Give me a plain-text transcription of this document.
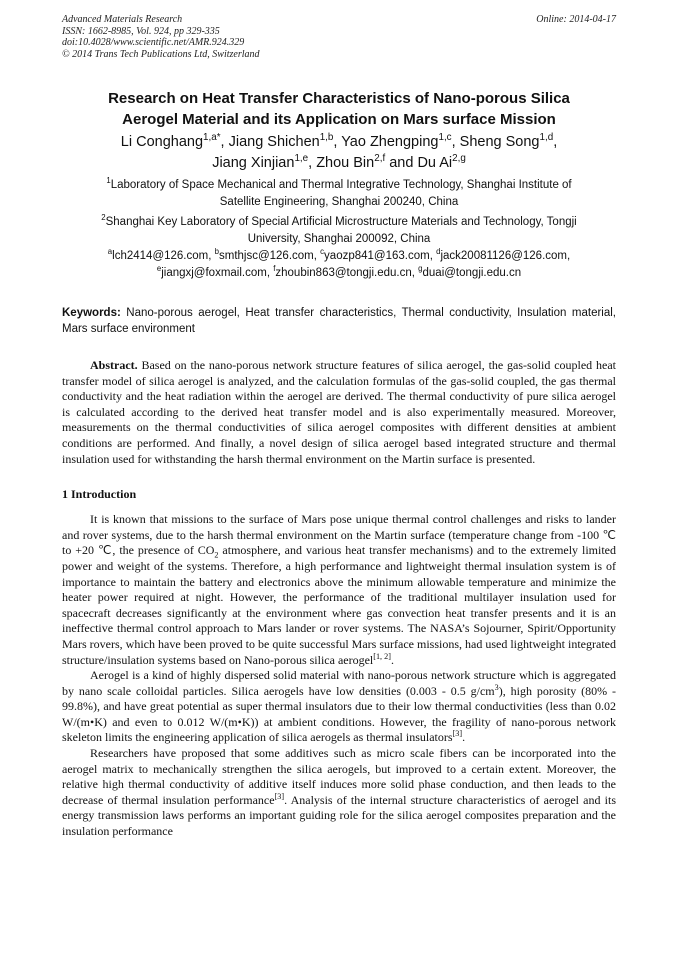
Advanced Materials Research
ISSN: 1662-8985, Vol. 924, pp 329-335
doi:10.4028/www.scientific.net/AMR.924.329
© 2014 Trans Tech Publications Ltd, Switzerland
Online: 2014-04-17
Research on Heat Transfer Characteristics of Nano-porous Silica
Aerogel Material and its Application on Mars surface Mission
Li Conghang$^{1,a*}$, Jiang Shichen$^{1,b}$, Yao Zhengping$^{1,c}$, Sheng Song$^{1,d}$,
Jiang Xinjian$^{1,e}$, Zhou Bin$^{2,f}$ and Du Ai$^{2,g}$
$^1$Laboratory of Space Mechanical and Thermal Integrative Technology, Shanghai Institute of
Satellite Engineering, Shanghai 200240, China
$^2$Shanghai Key Laboratory of Special Artificial Microstructure Materials and Technology, Tongji
University, Shanghai 200092, China
$^a$lch2414@126.com, $^b$smthjsc@126.com, $^c$yaozp841@163.com, $^d$jack20081126@126.com,
$^e$jiangxj@foxmail.com, $^f$zhoubin863@tongji.edu.cn, $^g$duai@tongji.edu.cn
Keywords: Nano-porous aerogel, Heat transfer characteristics, Thermal conductivity, Insulation material, Mars surface environment
Abstract. Based on the nano-porous network structure features of silica aerogel, the gas-solid coupled heat transfer model of silica aerogel is analyzed, and the calculation formulas of the gas-solid coupled, the gas thermal conductivity and the heat radiation within the aerogel are derived. The thermal conductivity of pure silica aerogel is calculated according to the derived heat transfer model and is also experimentally measured. Moreover, measurements on the thermal conductivities of silica aerogel composites with different densities at ambient conditions are performed. And finally, a novel design of silica aerogel based integrated structure and thermal insulation used for withstanding the harsh thermal environment on the Martin surface is presented.
1 Introduction

It is known that missions to the surface of Mars pose unique thermal control challenges and risks to lander and rover systems, due to the harsh thermal environment on the Martin surface (temperature change from -100 ℃ to +20 ℃, the presence of $CO_2$ atmosphere, and various heat transfer mechanisms) and to the extremely limited power and weight of the systems. Therefore, a high performance and lightweight thermal insulation system is of importance to maintain the battery and electronics above the minimum allowable temperature and minimize the heater power required at night. However, the performance of the traditional multilayer insulation used for spacecraft decreases significantly at the environment where gas convection heat transfer presents and it is an ineffective thermal control approach to Mars lander or rover systems. The NASA’s Sojourner, Spirit/Opportunity Mars rovers, which have been proved to be quite successful Mars surface missions, had used lightweight integrated structure/insulation systems based on Nano-porous silica aerogel[1, 2].

Aerogel is a kind of highly dispersed solid material with nano-porous network structure which is aggregated by nano scale colloidal particles. Silica aerogels have low densities (0.003 - 0.5 $g/cm^3$), high porosity (80% - 99.8%), and have great potential as super thermal insulators due to their low thermal conductivities (less than 0.02 W/(m•K) and even to 0.012 W/(m•K)) at ambient conditions. However, the fragility of nano-porous network skeleton limits the engineering application of silica aerogels as thermal insulators[3].

Researchers have proposed that some additives such as micro scale fibers can be incorporated into the aerogel matrix to mechanically strengthen the silica aerogels, but improved to a certain extent. Moreover, the relative high thermal conductivity of additive itself induces more solid phase conduction, and then leads to the decrease of thermal insulation performance[3]. Analysis of the internal structure characteristics of aerogel and its energy transmission laws performs an important guiding role for the silica aerogel composites preparation and the insulation performance
